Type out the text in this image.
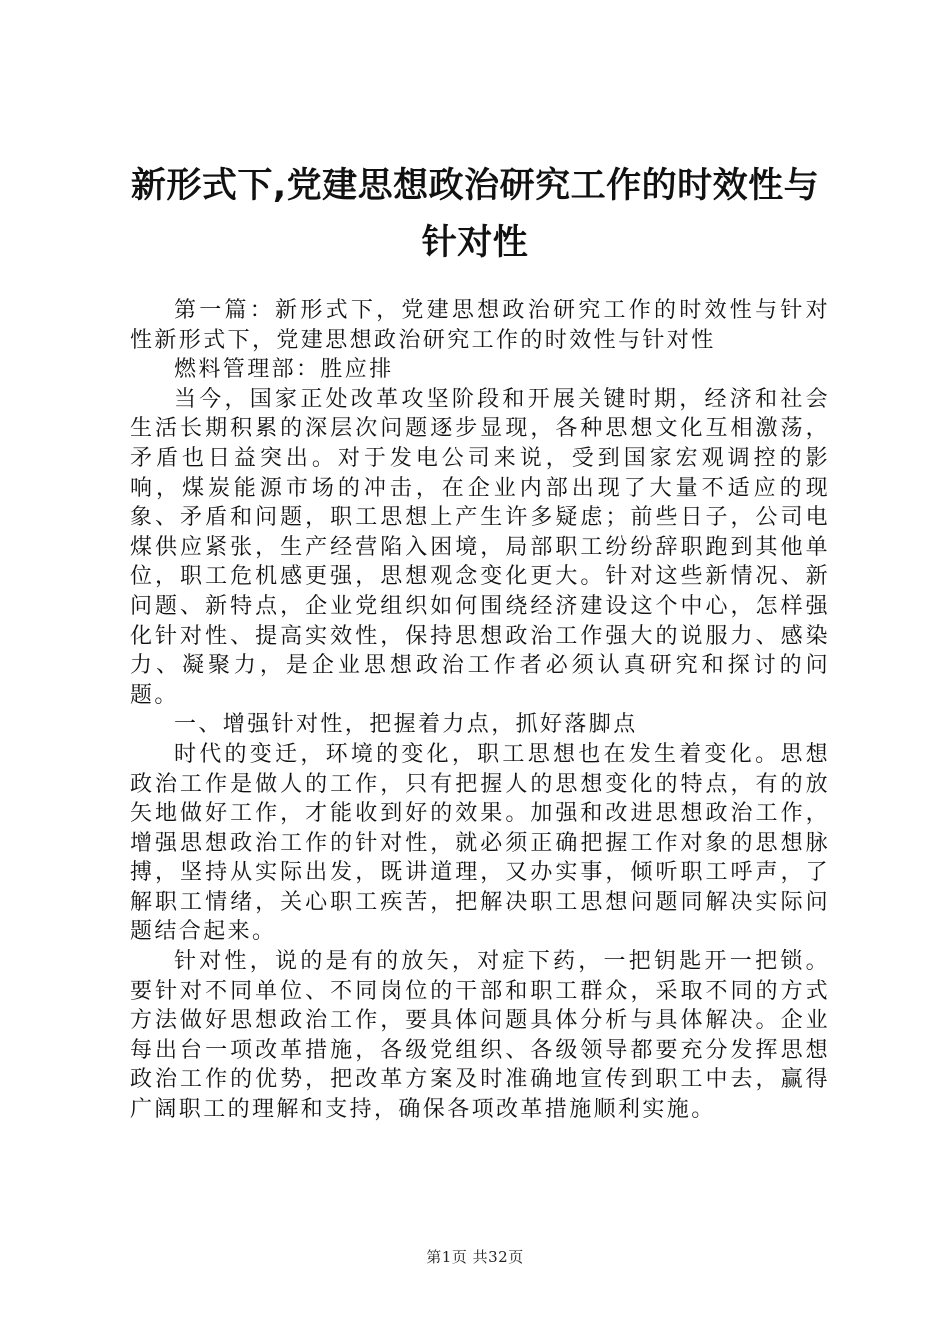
新形式下,党建思想政治研究工作的时效性与
针对性

第一篇：新形式下，党建思想政治研究工作的时效性与针对性新形式下，党建思想政治研究工作的时效性与针对性

燃料管理部：胜应排

当今，国家正处改革攻坚阶段和开展关键时期，经济和社会生活长期积累的深层次问题逐步显现，各种思想文化互相激荡，矛盾也日益突出。对于发电公司来说，受到国家宏观调控的影响，煤炭能源市场的冲击，在企业内部出现了大量不适应的现象、矛盾和问题，职工思想上产生许多疑虑；前些日子，公司电煤供应紧张，生产经营陷入困境，局部职工纷纷辞职跑到其他单位，职工危机感更强，思想观念变化更大。针对这些新情况、新问题、新特点，企业党组织如何围绕经济建设这个中心，怎样强化针对性、提高实效性，保持思想政治工作强大的说服力、感染力、凝聚力，是企业思想政治工作者必须认真研究和探讨的问题。

一、增强针对性，把握着力点，抓好落脚点

时代的变迁，环境的变化，职工思想也在发生着变化。思想政治工作是做人的工作，只有把握人的思想变化的特点，有的放矢地做好工作，才能收到好的效果。加强和改进思想政治工作，增强思想政治工作的针对性，就必须正确把握工作对象的思想脉搏，坚持从实际出发，既讲道理，又办实事，倾听职工呼声，了解职工情绪，关心职工疾苦，把解决职工思想问题同解决实际问题结合起来。

针对性，说的是有的放矢，对症下药，一把钥匙开一把锁。要针对不同单位、不同岗位的干部和职工群众，采取不同的方式方法做好思想政治工作，要具体问题具体分析与具体解决。企业每出台一项改革措施，各级党组织、各级领导都要充分发挥思想政治工作的优势，把改革方案及时准确地宣传到职工中去，赢得广阔职工的理解和支持，确保各项改革措施顺利实施。

第1页 共32页
